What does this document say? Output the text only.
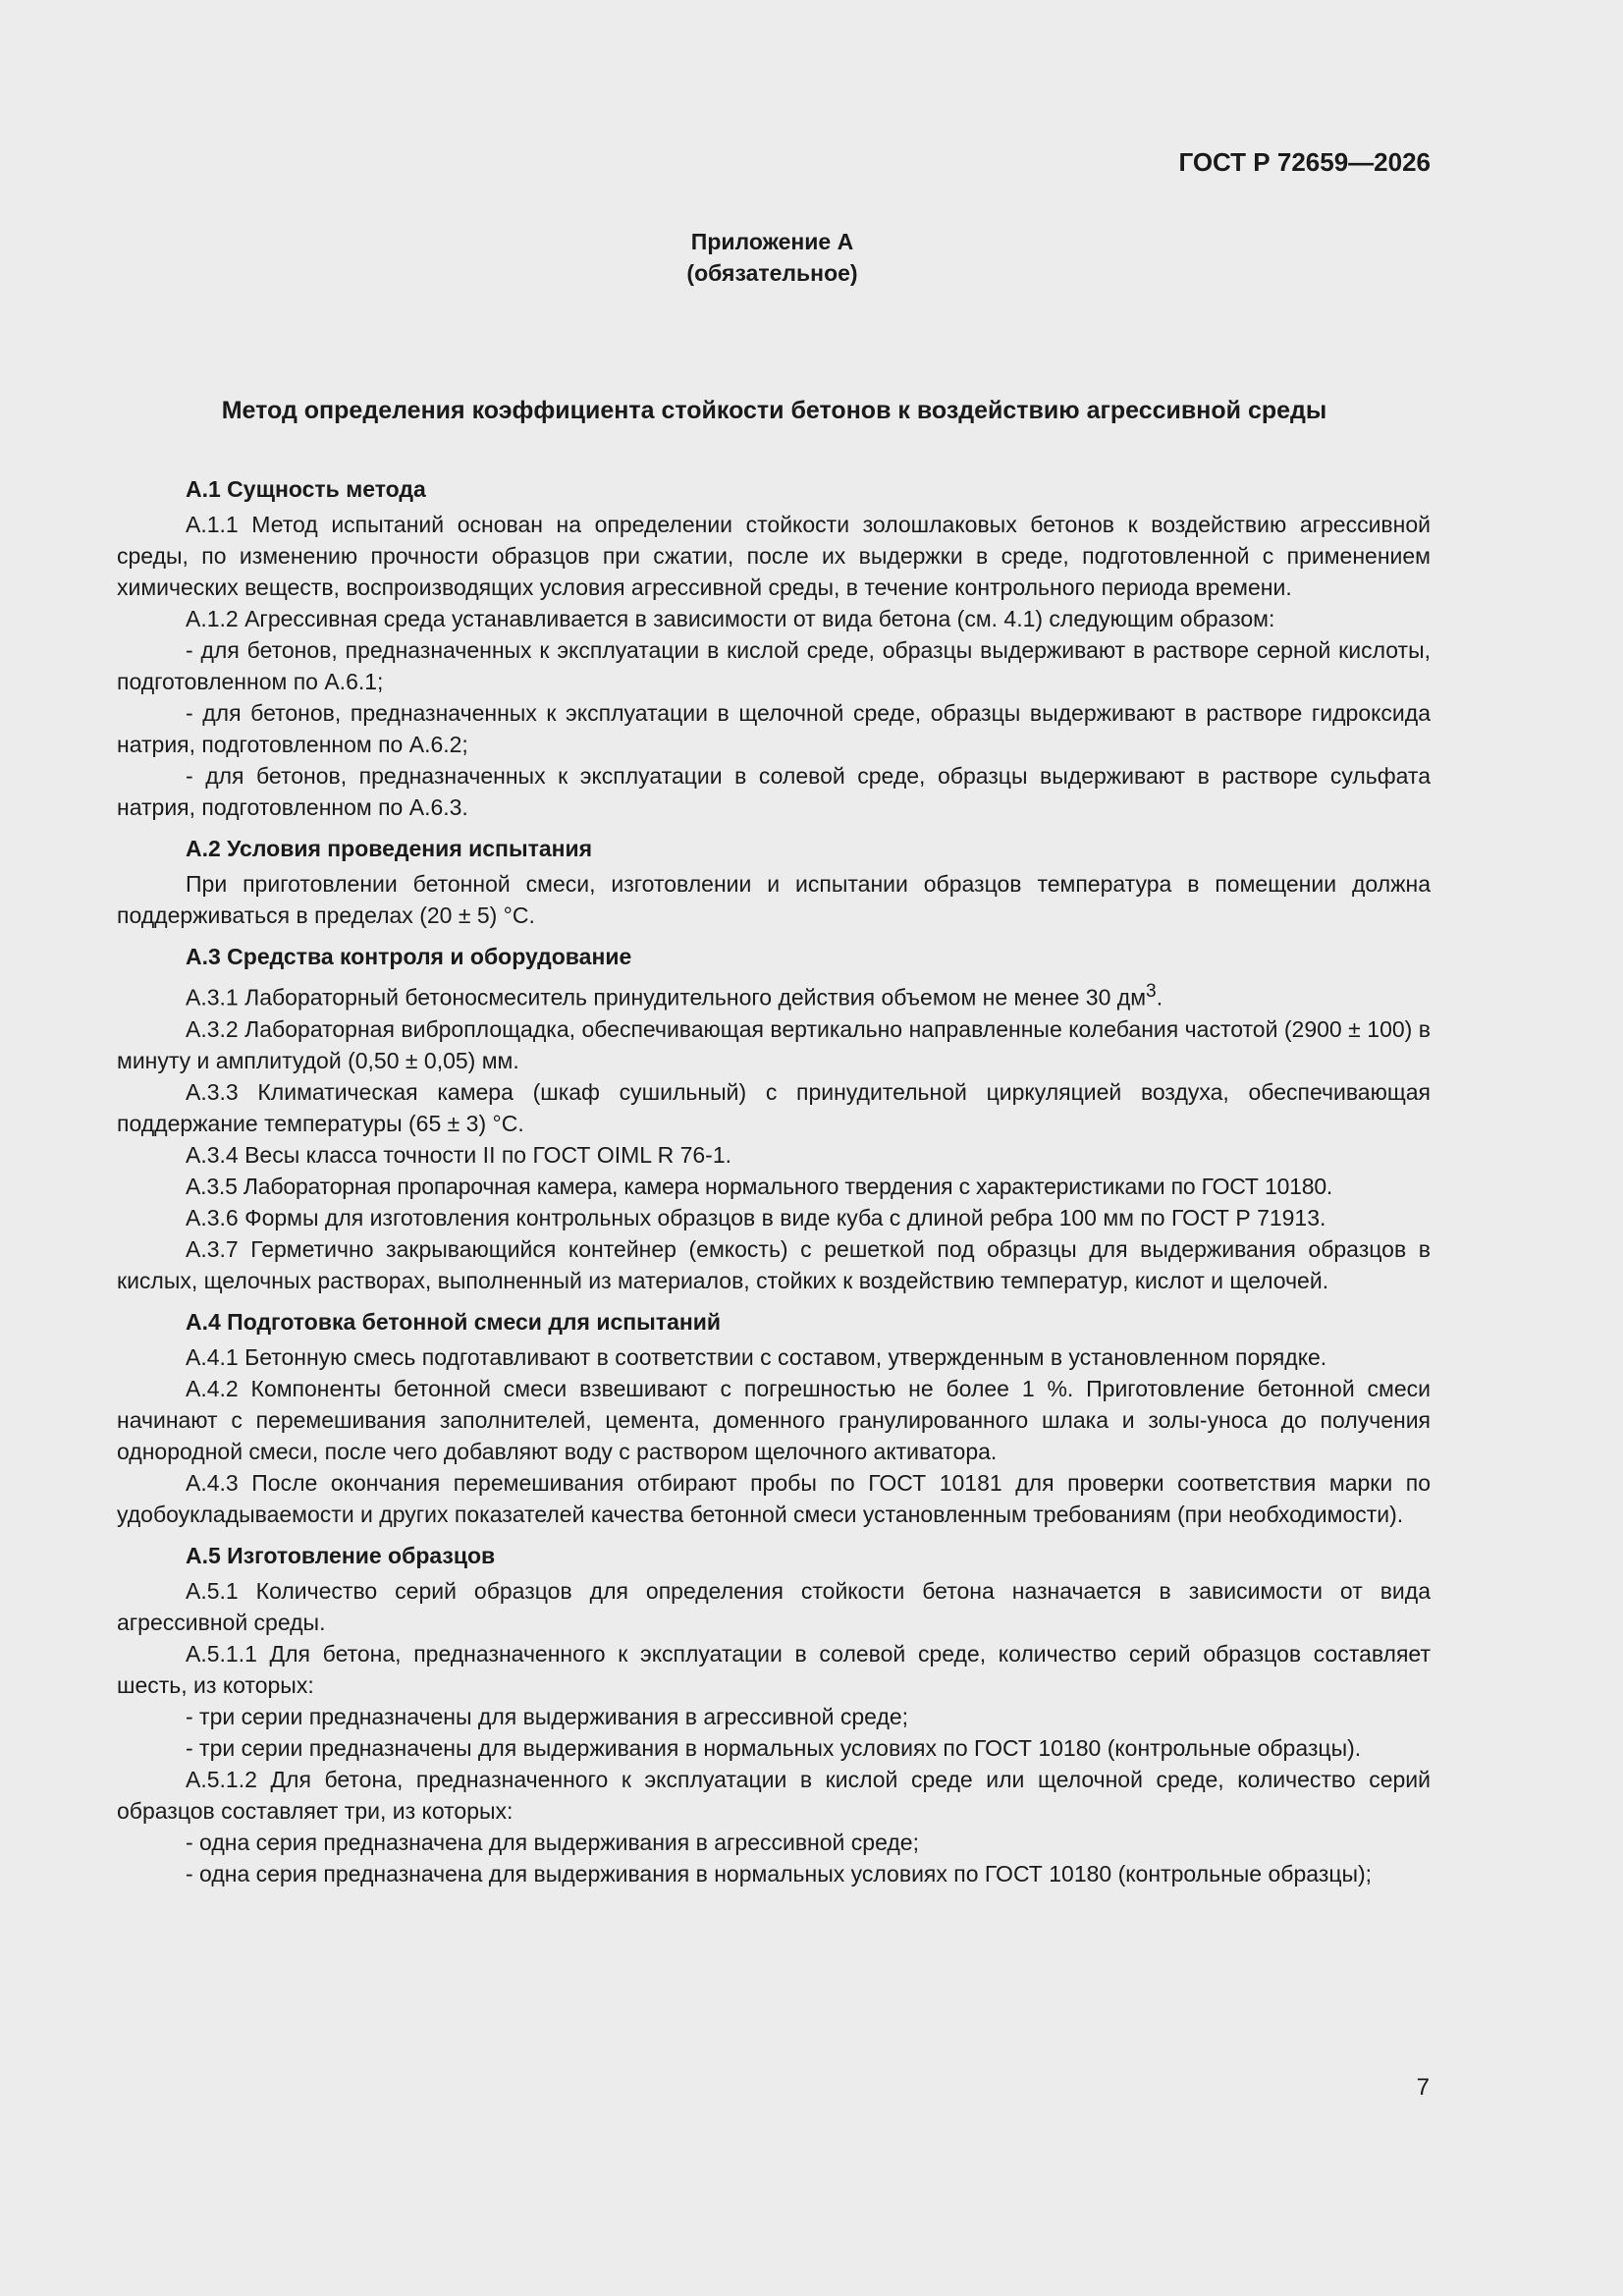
ГОСТ Р 72659—2026
Приложение А
(обязательное)
Метод определения коэффициента стойкости бетонов к воздействию агрессивной среды

А.1 Сущность метода

А.1.1 Метод испытаний основан на определении стойкости золошлаковых бетонов к воздействию агрессивной среды, по изменению прочности образцов при сжатии, после их выдержки в среде, подготовленной с применением химических веществ, воспроизводящих условия агрессивной среды, в течение контрольного периода времени.

А.1.2 Агрессивная среда устанавливается в зависимости от вида бетона (см. 4.1) следующим образом:

- для бетонов, предназначенных к эксплуатации в кислой среде, образцы выдерживают в растворе серной кислоты, подготовленном по А.6.1;

- для бетонов, предназначенных к эксплуатации в щелочной среде, образцы выдерживают в растворе гидроксида натрия, подготовленном по А.6.2;

- для бетонов, предназначенных к эксплуатации в солевой среде, образцы выдерживают в растворе сульфата натрия, подготовленном по А.6.3.

А.2 Условия проведения испытания

При приготовлении бетонной смеси, изготовлении и испытании образцов температура в помещении должна поддерживаться в пределах (20 ± 5) °С.

А.3 Средства контроля и оборудование

А.3.1 Лабораторный бетоносмеситель принудительного действия объемом не менее 30 $дм^3$.

А.3.2 Лабораторная виброплощадка, обеспечивающая вертикально направленные колебания частотой (2900 ± 100) в минуту и амплитудой (0,50 ± 0,05) мм.

А.3.3 Климатическая камера (шкаф сушильный) с принудительной циркуляцией воздуха, обеспечивающая поддержание температуры (65 ± 3) °С.

А.3.4 Весы класса точности II по ГОСТ OIML R 76-1.

А.3.5 Лабораторная пропарочная камера, камера нормального твердения с характеристиками по ГОСТ 10180.

А.3.6 Формы для изготовления контрольных образцов в виде куба с длиной ребра 100 мм по ГОСТ Р 71913.

А.3.7 Герметично закрывающийся контейнер (емкость) с решеткой под образцы для выдерживания образцов в кислых, щелочных растворах, выполненный из материалов, стойких к воздействию температур, кислот и щелочей.

А.4 Подготовка бетонной смеси для испытаний

А.4.1 Бетонную смесь подготавливают в соответствии с составом, утвержденным в установленном порядке.

А.4.2 Компоненты бетонной смеси взвешивают с погрешностью не более 1 %. Приготовление бетонной смеси начинают с перемешивания заполнителей, цемента, доменного гранулированного шлака и золы-уноса до получения однородной смеси, после чего добавляют воду с раствором щелочного активатора.

А.4.3 После окончания перемешивания отбирают пробы по ГОСТ 10181 для проверки соответствия марки по удобоукладываемости и других показателей качества бетонной смеси установленным требованиям (при необходимости).

А.5 Изготовление образцов

А.5.1 Количество серий образцов для определения стойкости бетона назначается в зависимости от вида агрессивной среды.

А.5.1.1 Для бетона, предназначенного к эксплуатации в солевой среде, количество серий образцов составляет шесть, из которых:

- три серии предназначены для выдерживания в агрессивной среде;

- три серии предназначены для выдерживания в нормальных условиях по ГОСТ 10180 (контрольные образцы).

А.5.1.2 Для бетона, предназначенного к эксплуатации в кислой среде или щелочной среде, количество серий образцов составляет три, из которых:

- одна серия предназначена для выдерживания в агрессивной среде;

- одна серия предназначена для выдерживания в нормальных условиях по ГОСТ 10180 (контрольные образцы);

7
